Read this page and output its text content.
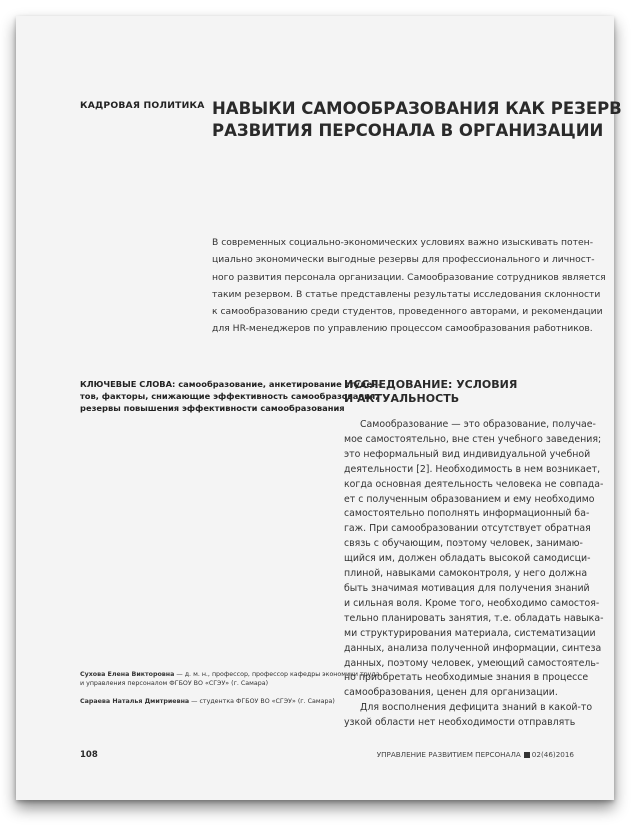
КАДРОВАЯ ПОЛИТИКА НАВЫКИ САМООБРАЗОВАНИЯ КАК РЕЗЕРВ
РАЗВИТИЯ ПЕРСОНАЛА В ОРГАНИЗАЦИИ
В современных социально-экономических условиях важно изыскивать потен-
циально экономически выгодные резервы для профессионального и личност-
ного развития персонала организации. Самообразование сотрудников является
таким резервом. В статье представлены результаты исследования склонности
к самообразованию среди студентов, проведенного авторами, и рекомендации
для HR-менеджеров по управлению процессом самообразования работников.
КЛЮЧЕВЫЕ СЛОВА: самообразование, анкетирование студен-
тов, факторы, снижающие эффективность самообразования,
резервы повышения эффективности самообразования
ИССЛЕДОВАНИЕ: УСЛОВИЯ
И АКТУАЛЬНОСТЬ
Самообразование — это образование, получае-
мое самостоятельно, вне стен учебного заведения;
это неформальный вид индивидуальной учебной
деятельности [2]. Необходимость в нем возникает,
когда основная деятельность человека не совпада-
ет с полученным образованием и ему необходимо
самостоятельно пополнять информационный ба-
гаж. При самообразовании отсутствует обратная
связь с обучающим, поэтому человек, занимаю-
щийся им, должен обладать высокой самодисци-
плиной, навыками самоконтроля, у него должна
быть значимая мотивация для получения знаний
и сильная воля. Кроме того, необходимо самостоя-
тельно планировать занятия, т.е. обладать навыка-
ми структурирования материала, систематизации
данных, анализа полученной информации, синтеза
данных, поэтому человек, умеющий самостоятель-
но приобретать необходимые знания в процессе
самообразования, ценен для организации.
Для восполнения дефицита знаний в какой-то
узкой области нет необходимости отправлять
Сухова Елена Викторовна — д. м. н., профессор, профессор кафедры экономики труда
и управления персоналом ФГБОУ ВО «СГЭУ» (г. Самара)
Сараева Наталья Дмитриевна — студентка ФГБОУ ВО «СГЭУ» (г. Самара)
108	УПРАВЛЕНИЕ РАЗВИТИЕМ ПЕРСОНАЛА 02(46)2016
